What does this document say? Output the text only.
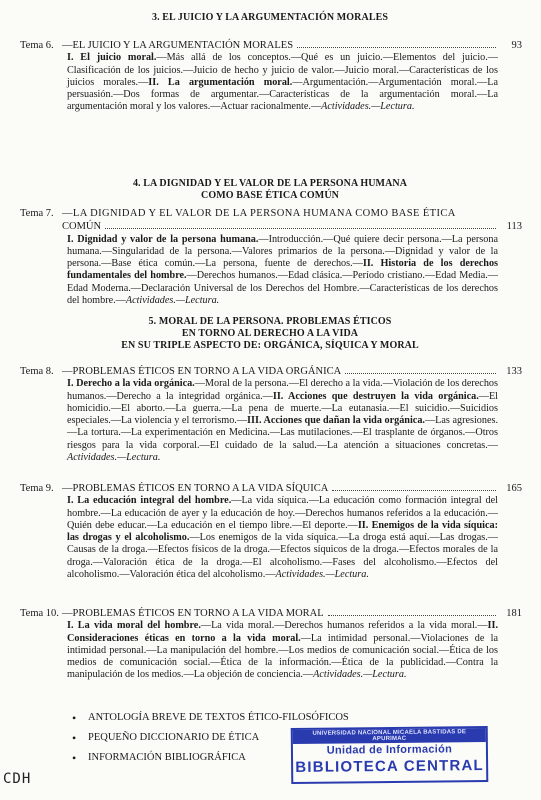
3. EL JUICIO Y LA ARGUMENTACIÓN MORALES
Tema 6. —EL JUICIO Y LA ARGUMENTACIÓN MORALES	93
I. El juicio moral.—Más allá de los conceptos.—Qué es un juicio.—Elementos del juicio.—Clasificación de los juicios.—Juicio de hecho y juicio de valor.—Juicio moral.—Características de los juicios morales.—II. La argumentación moral.—Argumentación.—Argumentación moral.—La persuasión.—Dos formas de argumentar.—Características de la argumentación moral.—La argumentación moral y los valores.—Actuar racionalmente.—Actividades.—Lectura.
4. LA DIGNIDAD Y EL VALOR DE LA PERSONA HUMANA
COMO BASE ÉTICA COMÚN
Tema 7. —LA DIGNIDAD Y EL VALOR DE LA PERSONA HUMANA COMO BASE ÉTICA
COMÚN	113
I. Dignidad y valor de la persona humana.—Introducción.—Qué quiere decir persona.—La persona humana.—Singularidad de la persona.—Valores primarios de la persona.—Dignidad y valor de la persona.—Base ética común.—La persona, fuente de derechos.—II. Historia de los derechos fundamentales del hombre.—Derechos humanos.—Edad clásica.—Período cristiano.—Edad Media.—Edad Moderna.—Declaración Universal de los Derechos del Hombre.—Características de los derechos del hombre.—Actividades.—Lectura.
5. MORAL DE LA PERSONA. PROBLEMAS ÉTICOS
EN TORNO AL DERECHO A LA VIDA
EN SU TRIPLE ASPECTO DE: ORGÁNICA, SÍQUICA Y MORAL
Tema 8. —PROBLEMAS ÉTICOS EN TORNO A LA VIDA ORGÁNICA	133
I. Derecho a la vida orgánica.—Moral de la persona.—El derecho a la vida.—Violación de los derechos humanos.—Derecho a la integridad orgánica.—II. Acciones que destruyen la vida orgánica.—El homicidio.—El aborto.—La guerra.—La pena de muerte.—La eutanasia.—El suicidio.—Suicidios especiales.—La violencia y el terrorismo.—III. Acciones que dañan la vida orgánica.—Las agresiones.—La tortura.—La experimentación en Medicina.—Las mutilaciones.—El trasplante de órganos.—Otros riesgos para la vida corporal.—El cuidado de la salud.—La atención a situaciones concretas.—Actividades.—Lectura.
Tema 9. —PROBLEMAS ÉTICOS EN TORNO A LA VIDA SÍQUICA	165
I. La educación integral del hombre.—La vida síquica.—La educación como formación integral del hombre.—La educación de ayer y la educación de hoy.—Derechos humanos referidos a la educación.—Quién debe educar.—La educación en el tiempo libre.—El deporte.—II. Enemigos de la vida síquica: las drogas y el alcoholismo.—Los enemigos de la vida síquica.—La droga está aquí.—Las drogas.—Causas de la droga.—Efectos físicos de la droga.—Efectos síquicos de la droga.—Efectos morales de la droga.—Valoración ética de la droga.—El alcoholismo.—Fases del alcoholismo.—Efectos del alcoholismo.—Valoración ética del alcoholismo.—Actividades.—Lectura.
Tema 10. —PROBLEMAS ÉTICOS EN TORNO A LA VIDA MORAL	181
I. La vida moral del hombre.—La vida moral.—Derechos humanos referidos a la vida moral.—II. Consideraciones éticas en torno a la vida moral.—La intimidad personal.—Violaciones de la intimidad personal.—La manipulación del hombre.—Los medios de comunicación social.—Ética de los medios de comunicación social.—Ética de la información.—Ética de la publicidad.—Contra la manipulación de los medios.—La objeción de conciencia.—Actividades.—Lectura.
•	ANTOLOGÍA BREVE DE TEXTOS ÉTICO-FILOSÓFICOS
•	PEQUEÑO DICCIONARIO DE ÉTICA
•	INFORMACIÓN BIBLIOGRÁFICA
UNIVERSIDAD NACIONAL MICAELA BASTIDAS DE APURIMAC
Unidad de Información
BIBLIOTECA CENTRAL
CDH
